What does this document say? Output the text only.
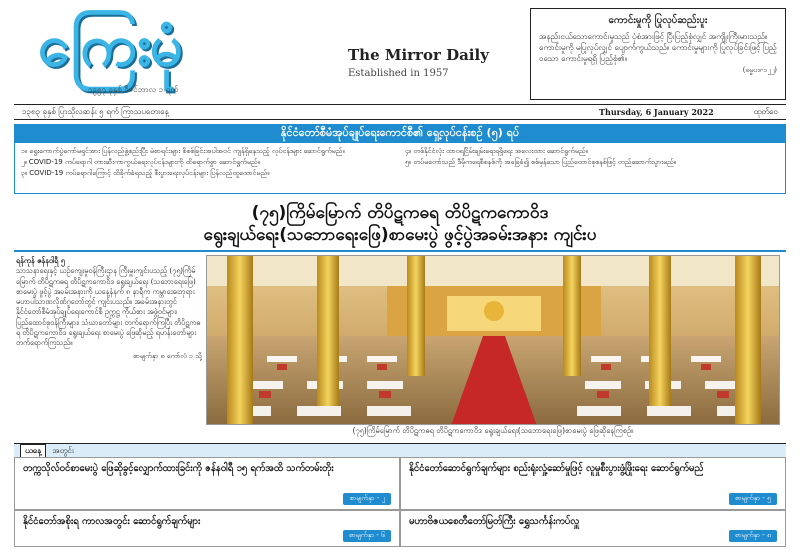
ကြေးမုံ
၁၉၅၇ ခုနှစ် ဒီဇင်ဘာလ ၁ ရက်
The Mirror Daily
Established in 1957
ကောင်းမှုကို ပြုလုပ်ဆည်းပူး
အနည်းငယ်သောကောင်းမှုသည် ပုံစံအားဖြင့် ပြီးပြည့်စုံလျှင် အကျိုးကြီးမားသည်။ ကောင်းမှုကို မပြုလုပ်လျှင် ပျောက်ကွယ်သည်။ ကောင်းမှုများကို ပြုလုပ်ခြင်းဖြင့် ပြည့်ဝသော ကောင်းမှုရရှိ ပြည့်စုံ၏။
(ဓမ္မပဒ-၁၂၂)
၁၃၈၃ ခုနှစ် ပြာသိုလဆန်း ၅ ရက် ကြာသပတေးနေ့	Thursday, 6 January 2022	ထုတ်ဝေ
နိုင်ငံတော်စီမံအုပ်ချုပ်ရေးကောင်စီ၏ ရှေ့လုပ်ငန်းစဉ် (၅) ရပ်

၁။ ရွေးကောက်ပွဲကော်မရှင်အား ပြန်လည်ဖွဲ့စည်းပြီး မဲစာရင်းများ စိစစ်ခြင်းအပါအဝင် ကျန်ရှိနေသည့် လုပ်ငန်းများ ဆောင်ရွက်မည်။

၂။ COVID-19 ကပ်ရောဂါ တားဆီးကာကွယ်ရေးလုပ်ငန်းများကို ထိရောက်စွာ ဆောင်ရွက်မည်။

၃။ COVID-19 ကပ်ရောဂါကြောင့် ထိခိုက်ခံရသည့် စီးပွားရေးလုပ်ငန်းများ ပြန်လည်ထူထောင်မည်။

၄။ တစ်နိုင်ငံလုံး ထာဝရငြိမ်းချမ်းရေးရရှိရေး အလေးထား ဆောင်ရွက်မည်။

၅။ တပ်မတော်သည် ဒီမိုကရေစီစနစ်ကို အခြေခံ၍ စစ်မှန်သော ပြည်ထောင်စုစနစ်ဖြင့် တည်ဆောက်သွားမည်။

(၇၅)ကြိမ်မြောက် တိပိဋကဓရ တိပိဋကကောဝိဒ
ရွေးချယ်ရေး(သဘောရေးဖြေ)စာမေးပွဲ ဖွင့်ပွဲအခမ်းအနား ကျင်းပ
ရန်ကုန် ဇန်နဝါရီ ၅
သာသနာရေးနှင့် ယဉ်ကျေးမှုဝန်ကြီးဌာန ကြီးမှူးကျင်းပသည့် (၇၅)ကြိမ်မြောက် တိပိဋကဓရ တိပိဋကကောဝိဒ ရွေးချယ်ရေး (သဘောရေးဖြေ) စာမေးပွဲ ဖွင့်ပွဲ အခမ်းအနားကို ယနေ့နံနက် ၈ နာရီက ကမ္ဘာအေးဘုရား မဟာပါသာဏလိုဏ်ဂူတော်တွင် ကျင်းပသည်။ အခမ်းအနားတွင် နိုင်ငံတော်စီမံအုပ်ချုပ်ရေးကောင်စီ ဥက္ကဋ္ဌ ကိုယ်စား အဖွဲ့ဝင်များ၊ ပြည်ထောင်စုဝန်ကြီးများ၊ သံဃာတော်များ တက်ရောက်ကြပြီး တိပိဋကဓရ တိပိဋကကောဝိဒ ရွေးချယ်ရေး စာမေးပွဲ ဖြေဆိုမည့် ရဟန်းတော်များ တက်ရောက်ကြသည်။
စာမျက်နှာ ၈ ကော်လံ ၁ သို့
(၇၅)ကြိမ်မြောက် တိပိဋကဓရ တိပိဋကကောဝိဒ ရွေးချယ်ရေး(သဘောရေးဖြေ)စာမေးပွဲ ဖြေဆိုနေကြစဉ်။
ယနေ့	အတွင်း
တက္ကသိုလ်ဝင်စာမေးပွဲ ဖြေဆိုခွင့်လျှောက်ထားခြင်းကို ဇန်နဝါရီ ၁၅ ရက်အထိ သက်တမ်းတိုး
စာမျက်နှာ - ၂
နိုင်ငံတော်ဆောင်ရွက်ချက်များ စည်းရုံးလှုံ့ဆော်မှုဖြင့် လူမှုစီးပွားဖွံ့ဖြိုးရေး ဆောင်ရွက်မည်
စာမျက်နှာ - ၅
နိုင်ငံတော်အစိုးရ ကာလအတွင်း ဆောင်ရွက်ချက်များ
စာမျက်နှာ - ၆
မဟာဗိဇယစေတီတော်မြတ်ကြီး ရွှေသင်္ကန်းကပ်လှူ
စာမျက်နှာ - ၈
